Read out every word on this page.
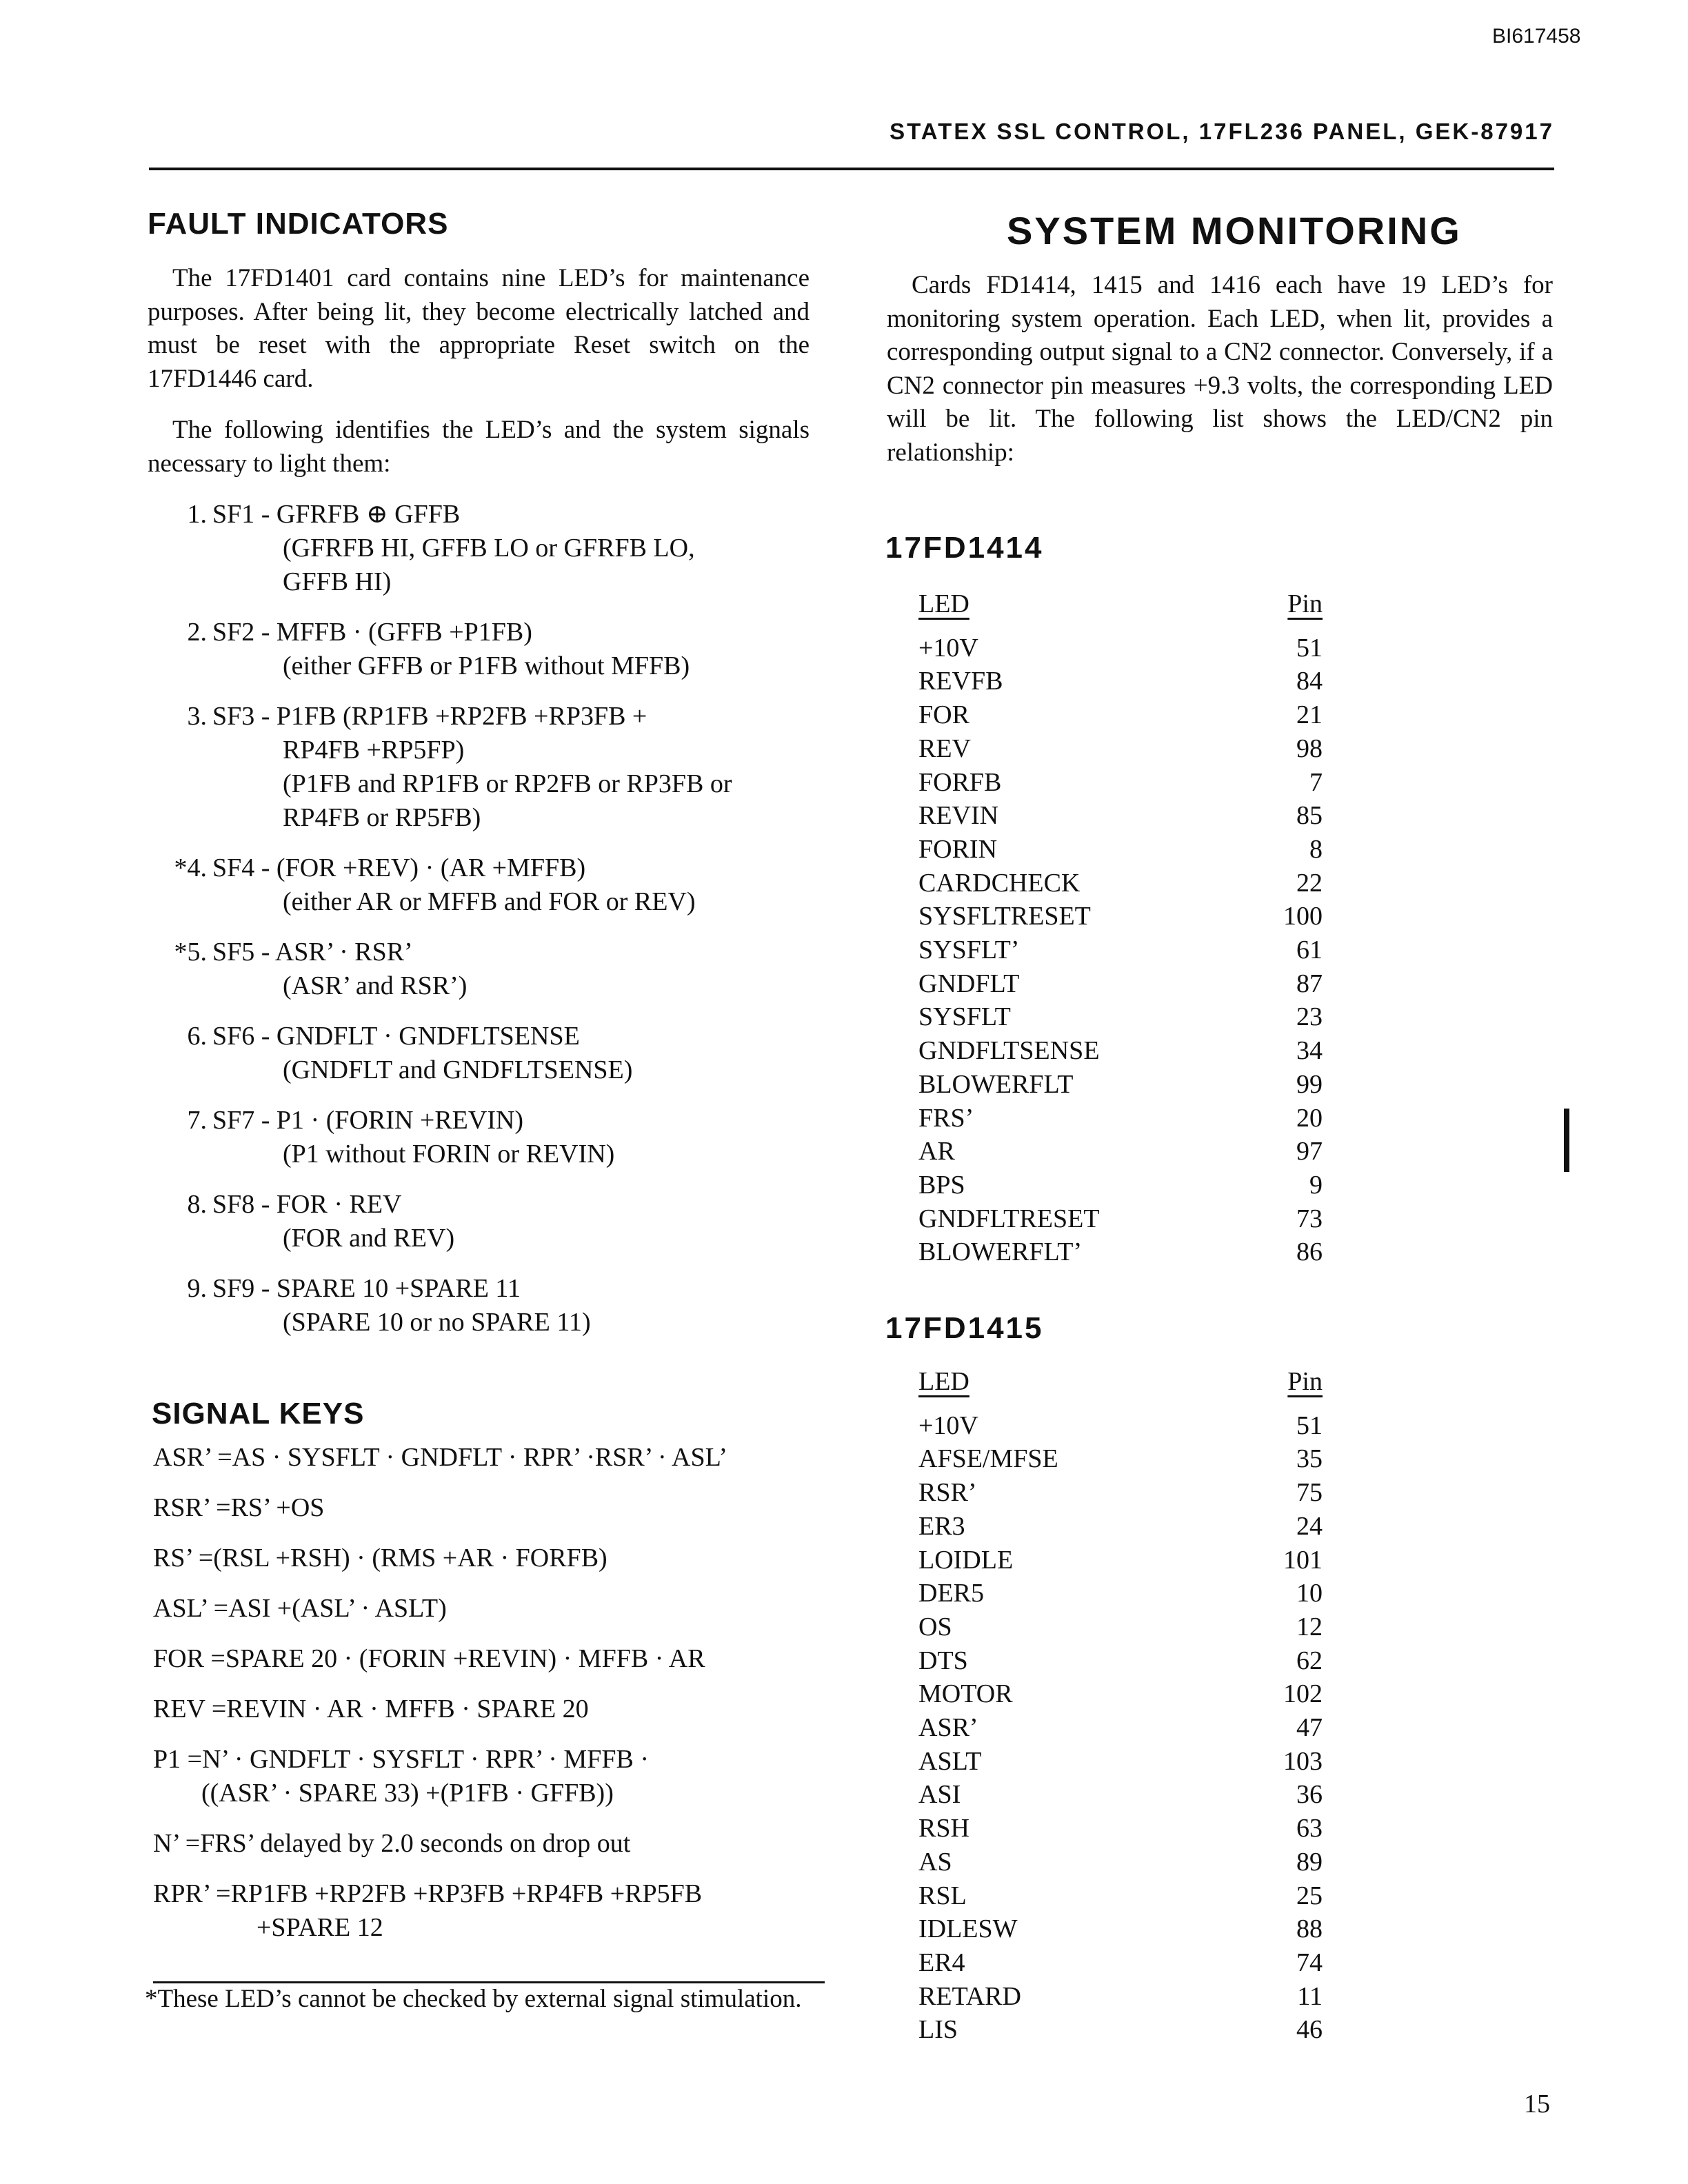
BI617458
STATEX SSL CONTROL, 17FL236 PANEL, GEK-87917
FAULT INDICATORS
The 17FD1401 card contains nine LED’s for maintenance purposes. After being lit, they become electrically latched and must be reset with the appropriate Reset switch on the 17FD1446 card.
The following identifies the LED’s and the system signals necessary to light them:
1. SF1 - GFRFB ⊕ GFFB
(GFRFB HI, GFFB LO or GFRFB LO,
GFFB HI)
2. SF2 - MFFB · (GFFB +P1FB)
(either GFFB or P1FB without MFFB)
3. SF3 - P1FB (RP1FB +RP2FB +RP3FB +
RP4FB +RP5FP)
(P1FB and RP1FB or RP2FB or RP3FB or
RP4FB or RP5FB)
*4. SF4 - (FOR +REV) · (AR +MFFB)
(either AR or MFFB and FOR or REV)
*5. SF5 - ASR’ · RSR’
(ASR’ and RSR’)
6. SF6 - GNDFLT · GNDFLTSENSE
(GNDFLT and GNDFLTSENSE)
7. SF7 - P1 · (FORIN +REVIN)
(P1 without FORIN or REVIN)
8. SF8 - FOR · REV
(FOR and REV)
9. SF9 - SPARE 10 +SPARE 11
(SPARE 10 or no SPARE 11)
SIGNAL KEYS
ASR’ =AS · SYSFLT · GNDFLT · RPR’ ·RSR’ · ASL’
RSR’ =RS’ +OS
RS’ =(RSL +RSH) · (RMS +AR · FORFB)
ASL’ =ASI +(ASL’ · ASLT)
FOR =SPARE 20 · (FORIN +REVIN) · MFFB · AR
REV =REVIN · AR · MFFB · SPARE 20
P1 =N’ · GNDFLT · SYSFLT · RPR’ · MFFB ·
((ASR’ · SPARE 33) +(P1FB · GFFB))
N’ =FRS’ delayed by 2.0 seconds on drop out
RPR’ =RP1FB +RP2FB +RP3FB +RP4FB +RP5FB
+SPARE 12
*These LED’s cannot be checked by external signal stimulation.
SYSTEM MONITORING
Cards FD1414, 1415 and 1416 each have 19 LED’s for monitoring system operation. Each LED, when lit, provides a corresponding output signal to a CN2 connector. Conversely, if a CN2 connector pin measures +9.3 volts, the corresponding LED will be lit. The following list shows the LED/CN2 pin relationship:
17FD1414
LED	Pin
+10V	51
REVFB	84
FOR	21
REV	98
FORFB	7
REVIN	85
FORIN	8
CARDCHECK	22
SYSFLTRESET	100
SYSFLT’	61
GNDFLT	87
SYSFLT	23
GNDFLTSENSE	34
BLOWERFLT	99
FRS’	20
AR	97
BPS	9
GNDFLTRESET	73
BLOWERFLT’	86
17FD1415
LED	Pin
+10V	51
AFSE/MFSE	35
RSR’	75
ER3	24
LOIDLE	101
DER5	10
OS	12
DTS	62
MOTOR	102
ASR’	47
ASLT	103
ASI	36
RSH	63
AS	89
RSL	25
IDLESW	88
ER4	74
RETARD	11
LIS	46
15
